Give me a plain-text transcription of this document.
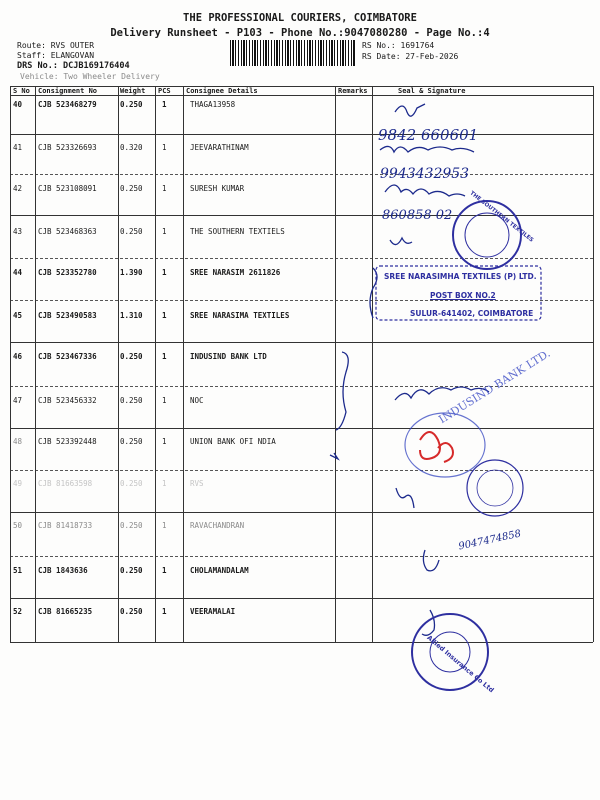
THE PROFESSIONAL COURIERS, COIMBATORE
Delivery Runsheet - P103 - Phone No.:9047080280 - Page No.:4
Route: RVS OUTER
Staff: ELANGOVAN
DRS No.: DCJB169176404
Vehicle: Two Wheeler Delivery
RS No.: 1691764
RS Date: 27-Feb-2026
S No Consignment No	Weight PCS Consignee Details	Remarks	Seal & Signature
40 CJB 523468279	0.250	1	THAGA13958
41 CJB 523326693	0.320	1	JEEVARATHINAM
42 CJB 523108091	0.250	1	SURESH KUMAR
43 CJB 523468363	0.250	1	THE SOUTHERN TEXTIELS
44 CJB 523352780	1.390	1	SREE NARASIM 2611826
45 CJB 523490583	1.310	1	SREE NARASIMA TEXTILES
46 CJB 523467336	0.250	1	INDUSIND BANK LTD
47 CJB 523456332	0.250	1	NOC
48 CJB 523392448	0.250	1	UNION BANK OFI NDIA
49 CJB 81663598	0.250	1	RVS
50 CJB 81418733	0.250	1	RAVACHANDRAN
51 CJB 1843636	0.250	1	CHOLAMANDALAM
52 CJB 81665235	0.250	1	VEERAMALAI
9842 660601
9943432953
860858 02
9047474858
THE SOUTHERN TEXTILES
SREE NARASIMHA TEXTILES (P) LTD.
POST BOX NO.2
SULUR-641402, COIMBATORE
INDUSIND BANK LTD.
Allied Insurance Co Ltd
